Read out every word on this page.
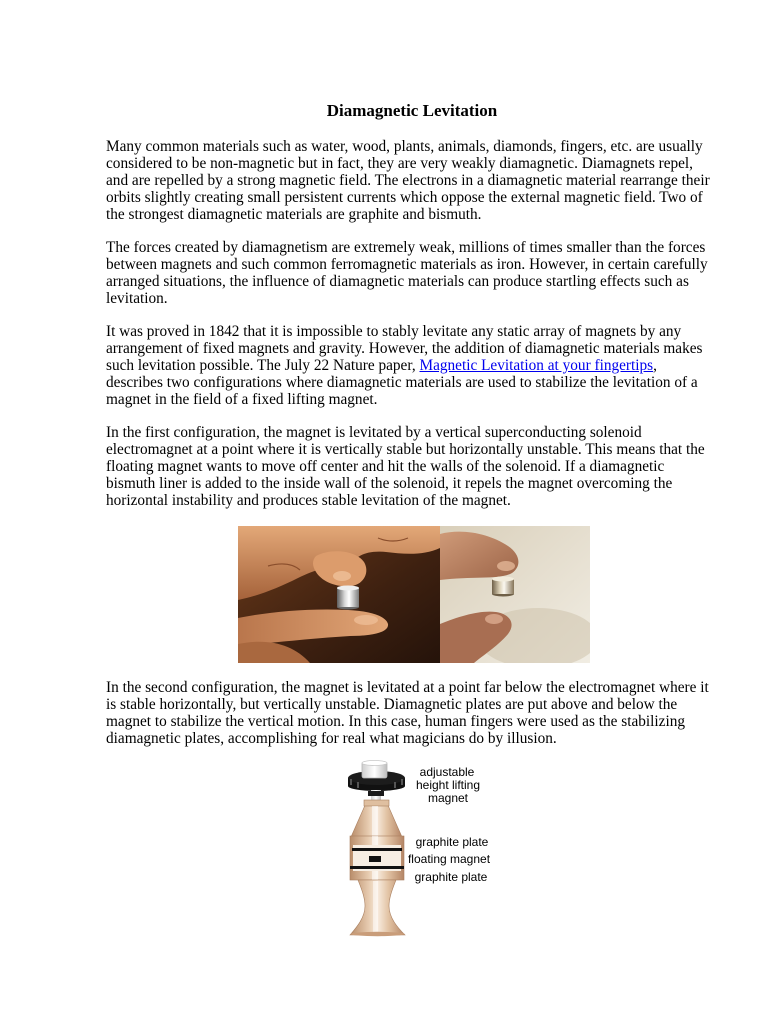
Diamagnetic Levitation
Many common materials such as water, wood, plants, animals, diamonds, fingers, etc. are usually
considered to be non-magnetic but in fact, they are very weakly diamagnetic. Diamagnets repel,
and are repelled by a strong magnetic field. The electrons in a diamagnetic material rearrange their
orbits slightly creating small persistent currents which oppose the external magnetic field. Two of
the strongest diamagnetic materials are graphite and bismuth.
The forces created by diamagnetism are extremely weak, millions of times smaller than the forces
between magnets and such common ferromagnetic materials as iron. However, in certain carefully
arranged situations, the influence of diamagnetic materials can produce startling effects such as
levitation.
It was proved in 1842 that it is impossible to stably levitate any static array of magnets by any
arrangement of fixed magnets and gravity. However, the addition of diamagnetic materials makes
such levitation possible. The July 22 Nature paper, Magnetic Levitation at your fingertips,
describes two configurations where diamagnetic materials are used to stabilize the levitation of a
magnet in the field of a fixed lifting magnet.
In the first configuration, the magnet is levitated by a vertical superconducting solenoid
electromagnet at a point where it is vertically stable but horizontally unstable. This means that the
floating magnet wants to move off center and hit the walls of the solenoid. If a diamagnetic
bismuth liner is added to the inside wall of the solenoid, it repels the magnet overcoming the
horizontal instability and produces stable levitation of the magnet.
In the second configuration, the magnet is levitated at a point far below the electromagnet where it
is stable horizontally, but vertically unstable. Diamagnetic plates are put above and below the
magnet to stabilize the vertical motion. In this case, human fingers were used as the stabilizing
diamagnetic plates, accomplishing for real what magicians do by illusion.
adjustable
height lifting
magnet
graphite plate
floating magnet
graphite plate
